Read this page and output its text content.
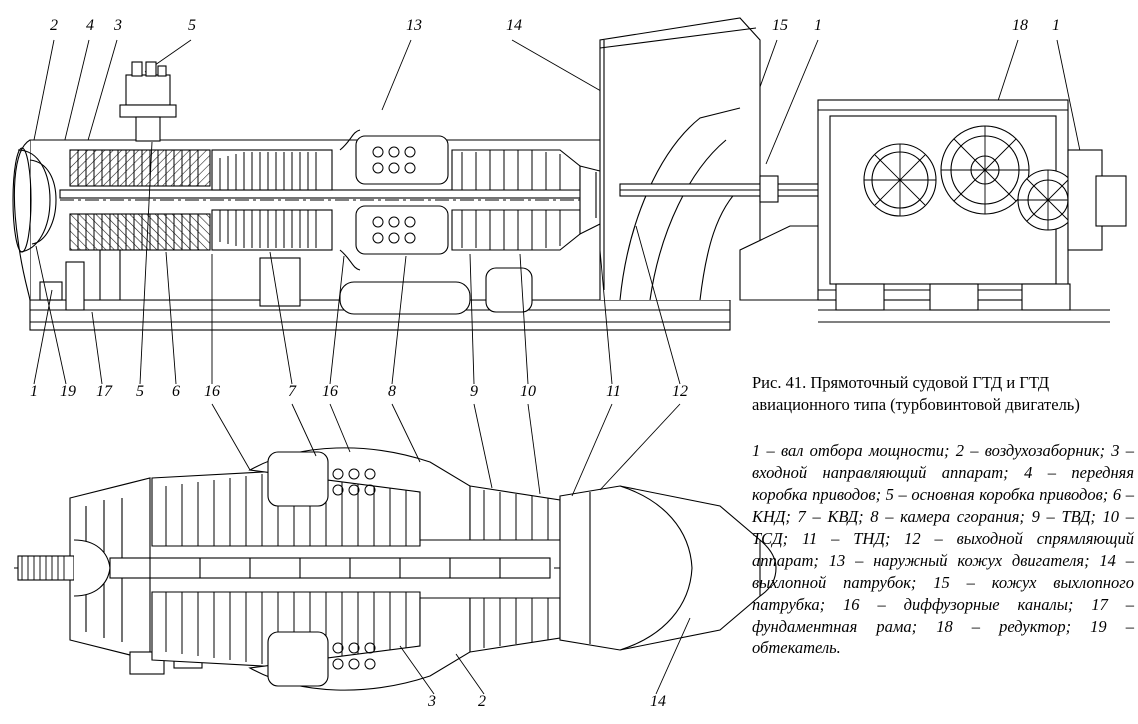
2 4 3	5	13	14	15 1	18 1
1 19 17 5 6 16	7 16	8	9	10	11	12
3	2	14
Рис. 41. Прямоточный судовой ГТД и ГТД авиационного типа (турбовинтовой двигатель)
1 – вал отбора мощности; 2 – воздухозаборник; 3 – входной направляющий аппарат; 4 – передняя коробка приводов; 5 – основная коробка приводов; 6 – КНД; 7 – КВД; 8 – камера сгорания; 9 – ТВД; 10 – ТСД; 11 – ТНД; 12 – выходной спрямляющий аппарат; 13 – наружный кожух двигателя; 14 – выхлопной патрубок; 15 – кожух выхлопного патрубка; 16 – диффузорные каналы; 17 – фундаментная рама; 18 – редуктор; 19 – обтекатель.
